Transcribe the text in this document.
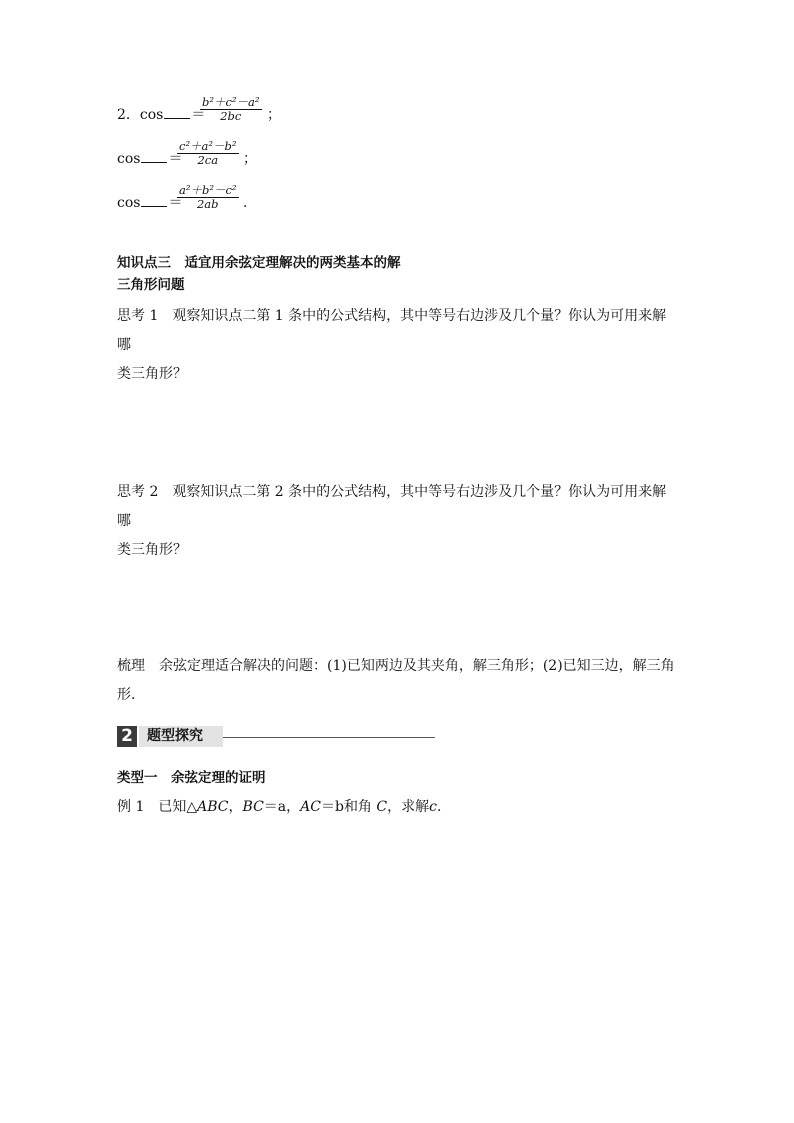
2．cos ＝
$\frac{\text{b²＋c²－a²}}{2bc}$ ；
cos ＝
$\frac{\text{c²＋a²－b²}}{2ca}$ ；
cos ＝
$\frac{\text{a²＋b²－c²}}{2ab}$ .
知识点三　适宜用余弦定理解决的两类基本的解
三角形问题
思考 1　观察知识点二第 1 条中的公式结构，其中等号右边涉及几个量？你认为可用来解哪
类三角形？
思考 2　观察知识点二第 2 条中的公式结构，其中等号右边涉及几个量？你认为可用来解哪
类三角形？
梳理　余弦定理适合解决的问题：(1)已知两边及其夹角，解三角形；(2)已知三边，解三角
形.
2	题型探究
类型一　余弦定理的证明
例 1　 已知△ABC，BC＝a，AC＝b和角 C，求解c.
